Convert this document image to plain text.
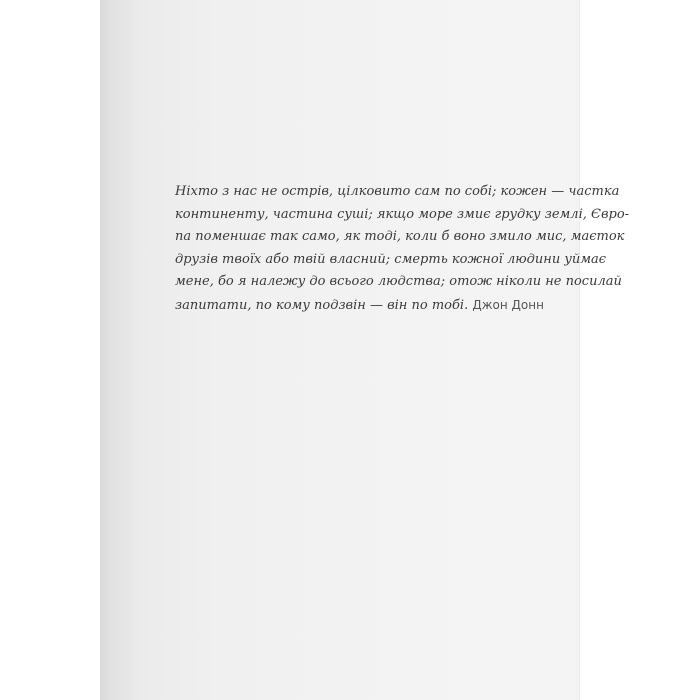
Ніхто з нас не острів, цілковито сам по собі; кожен — частка
континенту, частина суші; якщо море змиє грудку землі, Євро-
па поменшає так само, як тоді, коли б воно змило мис, маєток
друзів твоїх або твій власний; смерть кожної людини уймає
мене, бо я належу до всього людства; отож ніколи не посилай
запитати, по кому подзвін — він по тобі. Джон Донн
